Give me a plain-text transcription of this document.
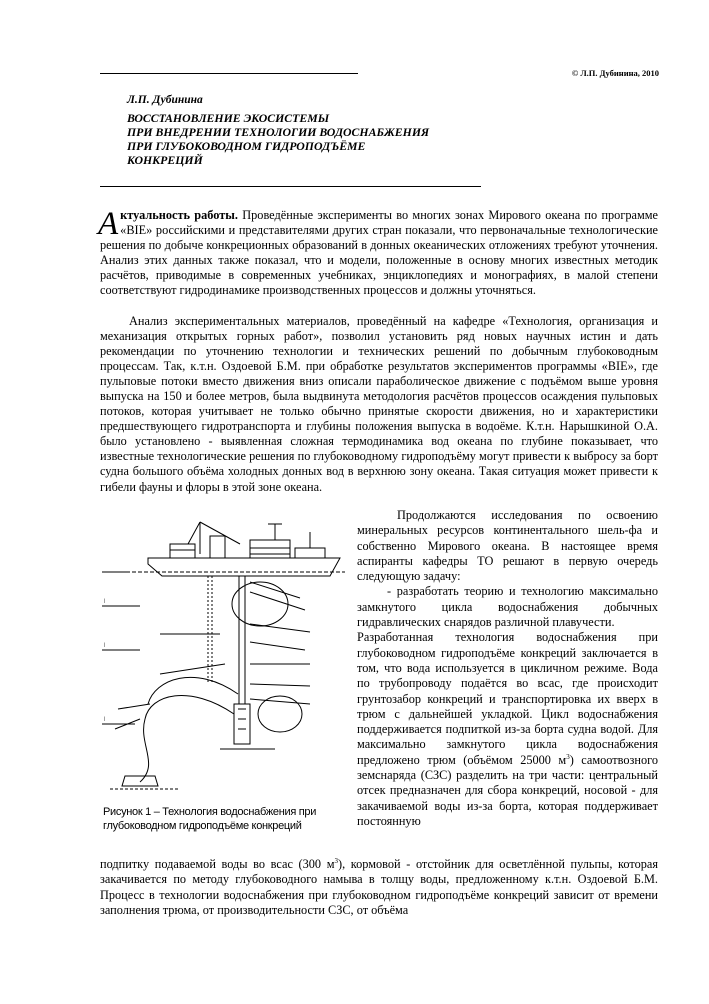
© Л.П. Дубинина, 2010
Л.П. Дубинина
ВОССТАНОВЛЕНИЕ ЭКОСИСТЕМЫ
ПРИ ВНЕДРЕНИИ ТЕХНОЛОГИИ ВОДОСНАБЖЕНИЯ
ПРИ ГЛУБОКОВОДНОМ ГИДРОПОДЪЁМЕ
КОНКРЕЦИЙ

Актуальность работы. Проведённые эксперименты во многих зонах Мирового океана по программе «BIE» российскими и представителями других стран показали, что первоначальные технологические решения по добыче конкреционных образований в донных океанических отложениях требуют уточнения. Анализ этих данных также показал, что и модели, положенные в основу многих известных методик расчётов, приводимые в современных учебниках, энциклопедиях и монографиях, в малой степени соответствуют гидродинамике производственных процессов и должны уточняться.

Анализ экспериментальных материалов, проведённый на кафедре «Технология, организация и механизация открытых горных работ», позволил установить ряд новых научных истин и дать рекомендации по уточнению технологии и технических решений по добычным глубоководным процессам. Так, к.т.н. Оздоевой Б.М. при обработке результатов экспериментов программы «BIE», где пульповые потоки вместо движения вниз описали параболическое движение с подъёмом выше уровня выпуска на 150 и более метров, была выдвинута методология расчётов процессов осаждения пульповых потоков, которая учитывает не только обычно принятые скорости движения, но и характеристики предшествующего гидротранспорта и глубины положения выпуска в водоёме. К.т.н. Нарышкиной О.А. было установлено - выявленная сложная термодинамика вод океана по глубине показывает, что известные технологические решения по глубоководному гидроподъёму могут привести к выбросу за борт судна большого объёма холодных донных вод в верхнюю зону океана. Такая ситуация может привести к гибели фауны и флоры в этой зоне океана.

|
|
|
Рисунок 1 – Технология водоснабжения при глубоководном гидроподъёме конкреций

Продолжаются исследования по освоению минеральных ресурсов континентального шель-фа и собственно Мирового океана. В настоящее время аспиранты кафедры ТО решают в первую очередь следующую задачу:

- разработать теорию и технологию максимально замкнутого цикла водоснабжения добычных гидравлических снарядов различной плавучести.

Разработанная технология водоснабжения при глубоководном гидроподъёме конкреций заключается в том, что вода используется в цикличном режиме. Вода по трубопроводу подаётся во всас, где происходит грунтозабор конкреций и транспортировка их вверх в трюм с дальнейшей укладкой. Цикл водоснабжения поддерживается подпиткой из-за борта судна водой. Для максимально замкнутого цикла водоснабжения предложено трюм (объёмом 25000 $м^3$) самоотвозного земснаряда (СЗС) разделить на три части: центральный отсек предназначен для сбора конкреций, носовой - для закачиваемой воды из-за борта, которая поддерживает постоянную

подпитку подаваемой воды во всас (300 $м^3$), кормовой - отстойник для осветлённой пульпы, которая закачивается по методу глубоководного намыва в толщу воды, предложенному к.т.н. Оздоевой Б.М. Процесс в технологии водоснабжения при глубоководном гидроподъёме конкреций зависит от времени заполнения трюма, от производительности СЗС, от объёма
